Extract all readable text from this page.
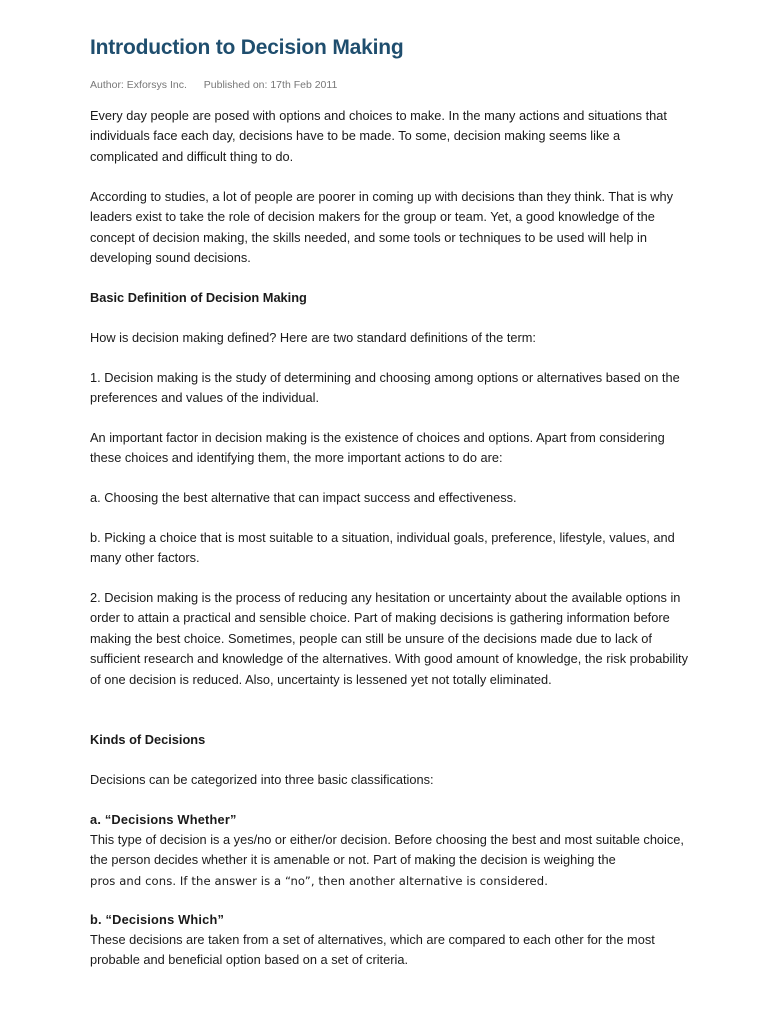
Introduction to Decision Making
Author: Exforsys Inc. Published on: 17th Feb 2011

Every day people are posed with options and choices to make. In the many actions and situations that individuals face each day, decisions have to be made. To some, decision making seems like a complicated and difficult thing to do.

According to studies, a lot of people are poorer in coming up with decisions than they think. That is why leaders exist to take the role of decision makers for the group or team. Yet, a good knowledge of the concept of decision making, the skills needed, and some tools or techniques to be used will help in developing sound decisions.

Basic Definition of Decision Making

How is decision making defined? Here are two standard definitions of the term:

1. Decision making is the study of determining and choosing among options or alternatives based on the preferences and values of the individual.

An important factor in decision making is the existence of choices and options. Apart from considering these choices and identifying them, the more important actions to do are:

a. Choosing the best alternative that can impact success and effectiveness.

b. Picking a choice that is most suitable to a situation, individual goals, preference, lifestyle, values, and many other factors.

2. Decision making is the process of reducing any hesitation or uncertainty about the available options in order to attain a practical and sensible choice. Part of making decisions is gathering information before making the best choice. Sometimes, people can still be unsure of the decisions made due to lack of sufficient research and knowledge of the alternatives. With good amount of knowledge, the risk probability of one decision is reduced. Also, uncertainty is lessened yet not totally eliminated.

Kinds of Decisions

Decisions can be categorized into three basic classifications:

a. “Decisions Whether”

This type of decision is a yes/no or either/or decision. Before choosing the best and most suitable choice, the person decides whether it is amenable or not. Part of making the decision is weighing the

pros and cons. If the answer is a “no”, then another alternative is considered.

b. “Decisions Which”

These decisions are taken from a set of alternatives, which are compared to each other for the most probable and beneficial option based on a set of criteria.
